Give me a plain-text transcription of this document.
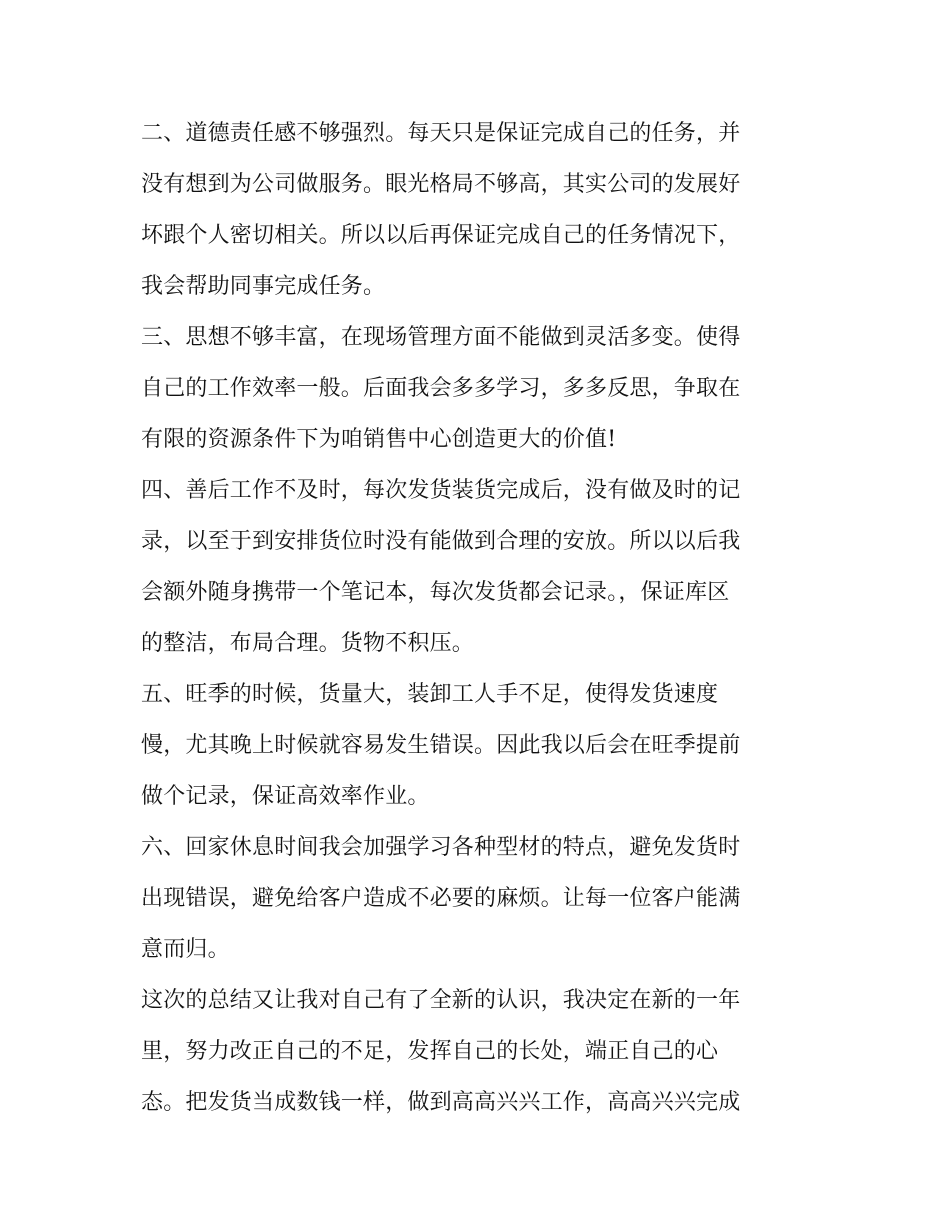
二、道德责任感不够强烈。每天只是保证完成自己的任务，并
没有想到为公司做服务。眼光格局不够高，其实公司的发展好
坏跟个人密切相关。所以以后再保证完成自己的任务情况下，
我会帮助同事完成任务。
三、思想不够丰富，在现场管理方面不能做到灵活多变。使得
自己的工作效率一般。后面我会多多学习，多多反思，争取在
有限的资源条件下为咱销售中心创造更大的价值!
四、善后工作不及时，每次发货装货完成后，没有做及时的记
录，以至于到安排货位时没有能做到合理的安放。所以以后我
会额外随身携带一个笔记本，每次发货都会记录。，保证库区
的整洁，布局合理。货物不积压。
五、旺季的时候，货量大，装卸工人手不足，使得发货速度
慢，尤其晚上时候就容易发生错误。因此我以后会在旺季提前
做个记录，保证高效率作业。
六、回家休息时间我会加强学习各种型材的特点，避免发货时
出现错误，避免给客户造成不必要的麻烦。让每一位客户能满
意而归。
这次的总结又让我对自己有了全新的认识，我决定在新的一年
里，努力改正自己的不足，发挥自己的长处，端正自己的心
态。把发货当成数钱一样，做到高高兴兴工作，高高兴兴完成
